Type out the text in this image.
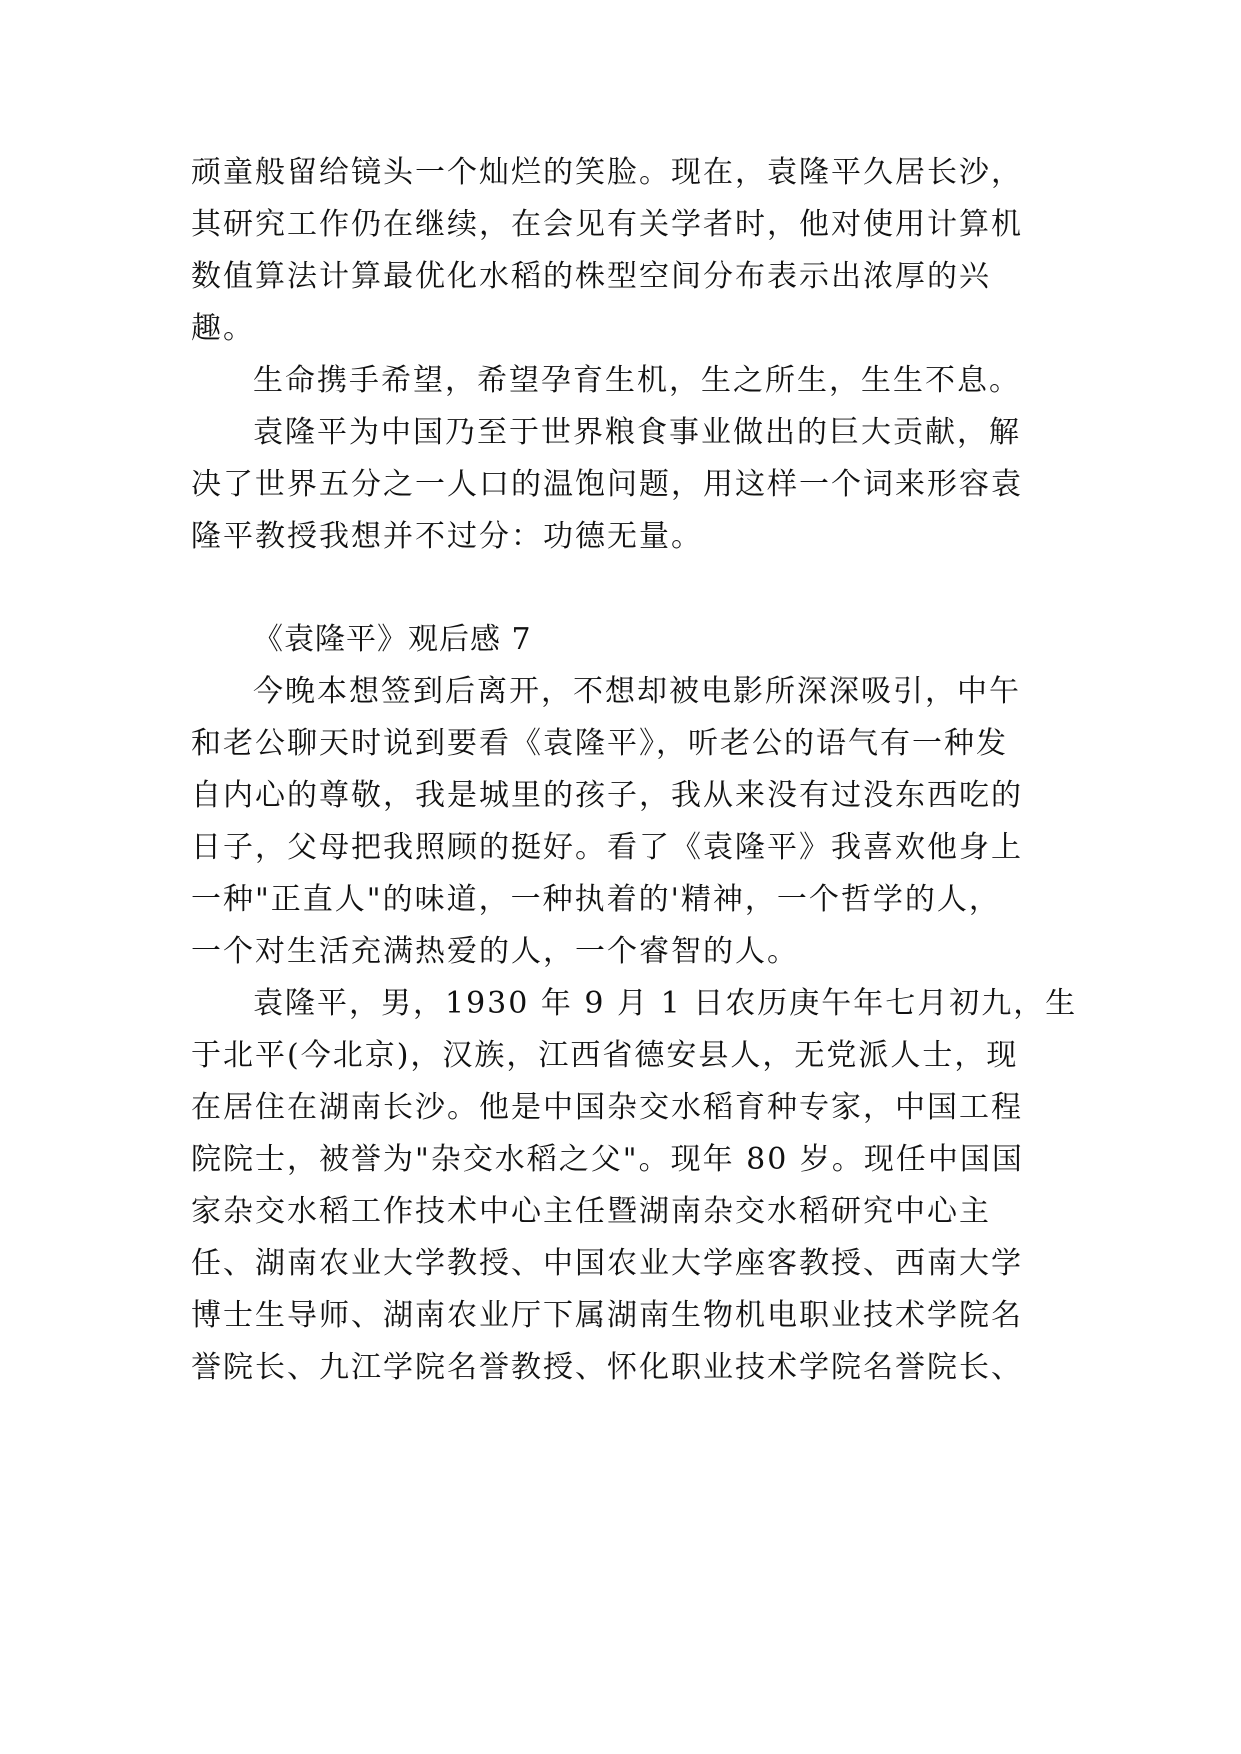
顽童般留给镜头一个灿烂的笑脸。现在，袁隆平久居长沙，
其研究工作仍在继续，在会见有关学者时，他对使用计算机
数值算法计算最优化水稻的株型空间分布表示出浓厚的兴
趣。
生命携手希望，希望孕育生机，生之所生，生生不息。
袁隆平为中国乃至于世界粮食事业做出的巨大贡献，解
决了世界五分之一人口的温饱问题，用这样一个词来形容袁
隆平教授我想并不过分：功德无量。
《袁隆平》观后感 7
今晚本想签到后离开，不想却被电影所深深吸引，中午
和老公聊天时说到要看《袁隆平》，听老公的语气有一种发
自内心的尊敬，我是城里的孩子，我从来没有过没东西吃的
日子，父母把我照顾的挺好。看了《袁隆平》我喜欢他身上
一种"正直人"的味道，一种执着的'精神，一个哲学的人，
一个对生活充满热爱的人，一个睿智的人。
袁隆平，男，1930 年 9 月 1 日农历庚午年七月初九，生
于北平(今北京)，汉族，江西省德安县人，无党派人士，现
在居住在湖南长沙。他是中国杂交水稻育种专家，中国工程
院院士，被誉为"杂交水稻之父"。现年 80 岁。现任中国国
家杂交水稻工作技术中心主任暨湖南杂交水稻研究中心主
任、湖南农业大学教授、中国农业大学座客教授、西南大学
博士生导师、湖南农业厅下属湖南生物机电职业技术学院名
誉院长、九江学院名誉教授、怀化职业技术学院名誉院长、
